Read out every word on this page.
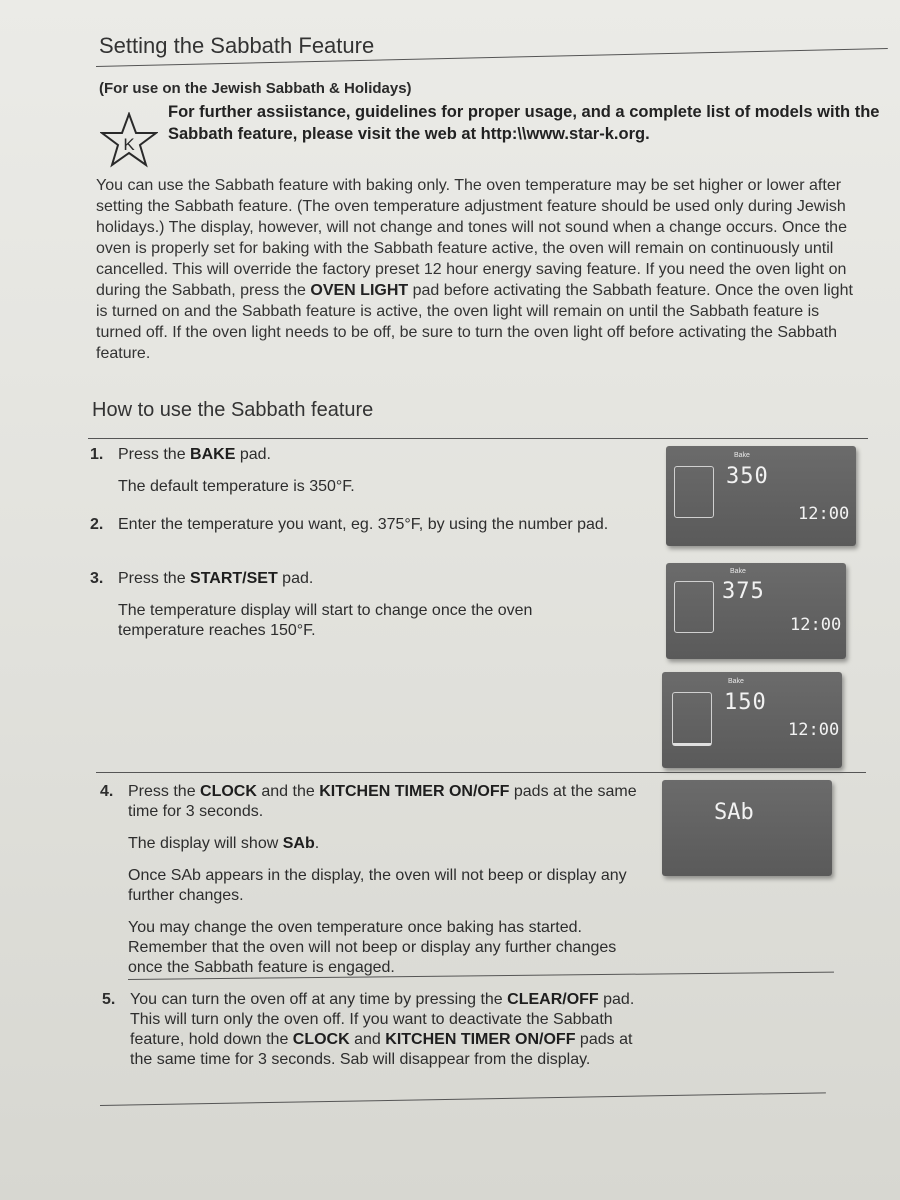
Setting the Sabbath Feature
(For use on the Jewish Sabbath & Holidays)
K
For further assiistance, guidelines for proper usage, and a complete list of models with the Sabbath feature, please visit the web at http:\\www.star-k.org.
You can use the Sabbath feature with baking only. The oven temperature may be set higher or lower after setting the Sabbath feature. (The oven temperature adjustment feature should be used only during Jewish holidays.) The display, however, will not change and tones will not sound when a change occurs. Once the oven is properly set for baking with the Sabbath feature active, the oven will remain on continuously until cancelled. This will override the factory preset 12 hour energy saving feature. If you need the oven light on during the Sabbath, press the OVEN LIGHT pad before activating the Sabbath feature. Once the oven light is turned on and the Sabbath feature is active, the oven light will remain on until the Sabbath feature is turned off. If the oven light needs to be off, be sure to turn the oven light off before activating the Sabbath feature.
How to use the Sabbath feature
1. Press the BAKE pad.

The default temperature is 350°F.

2. Enter the temperature you want, eg. 375°F, by using the number pad.

3. Press the START/SET pad.

The temperature display will start to change once the oven temperature reaches 150°F.

Bake
350
12:00
Bake
375
12:00
Bake
150
12:00
4. Press the CLOCK and the KITCHEN TIMER ON/OFF pads at the same time for 3 seconds.

The display will show SAb.

Once SAb appears in the display, the oven will not beep or display any further changes.

You may change the oven temperature once baking has started. Remember that the oven will not beep or display any further changes once the Sabbath feature is engaged.

SAb
5. You can turn the oven off at any time by pressing the CLEAR/OFF pad. This will turn only the oven off. If you want to deactivate the Sabbath feature, hold down the CLOCK and KITCHEN TIMER ON/OFF pads at the same time for 3 seconds. Sab will disappear from the display.
